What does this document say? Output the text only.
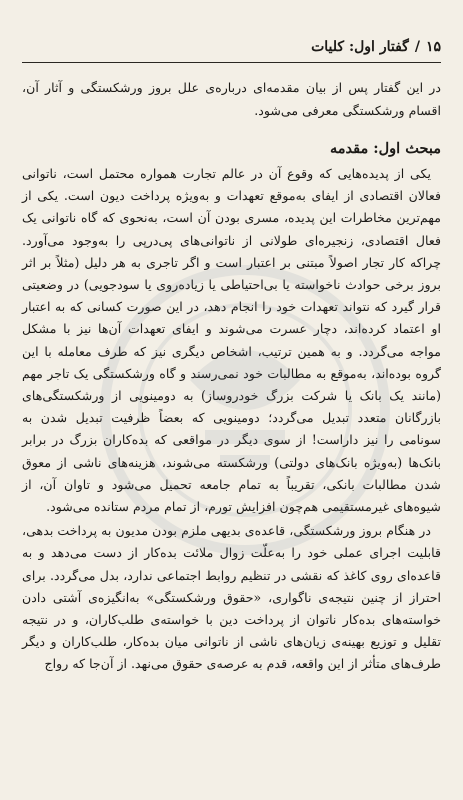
۱۵
/
گفتار اول: کلیات
در این گفتار پس از بیان مقدمه‌ای درباره‌ی علل بروز ورشکستگی و آثار آن، اقسام ورشکستگی معرفی می‌شود.
مبحث اول: مقدمه
یکی از پدیده‌هایی که وقوع آن در عالم تجارت همواره محتمل است، ناتوانی فعالان اقتصادی از ایفای به‌موقع تعهدات و به‌ویژه پرداخت دیون است. یکی از مهم‌ترین مخاطرات این پدیده، مسری بودن آن است، به‌نحوی که گاه ناتوانی یک فعال اقتصادی، زنجیره‌ای طولانی از ناتوانی‌های پی‌درپی را به‌وجود می‌آورد. چراکه کار تجار اصولاً مبتنی بر اعتبار است و اگر تاجری به هر دلیل (مثلاً بر اثر بروز برخی حوادث ناخواسته یا بی‌احتیاطی یا زیاده‌روی یا سودجویی) در وضعیتی قرار گیرد که نتواند تعهدات خود را انجام دهد، در این صورت کسانی که به اعتبار او اعتماد کرده‌اند، دچار عسرت می‌شوند و ایفای تعهدات آن‌ها نیز با مشکل مواجه می‌گردد. و به همین ترتیب، اشخاص دیگری نیز که طرف معامله با این گروه بوده‌اند، به‌موقع به مطالبات خود نمی‌رسند و گاه ورشکستگی یک تاجر مهم (مانند یک بانک یا شرکت بزرگ خودروساز) به دومینویی از ورشکستگی‌های بازرگانان متعدد تبدیل می‌گردد؛ دومینویی که بعضاً ظرفیت تبدیل شدن به سونامی را نیز داراست! از سوی دیگر در مواقعی که بده‌کاران بزرگ در برابر بانک‌ها (به‌ویژه بانک‌های دولتی) ورشکسته می‌شوند، هزینه‌های ناشی از معوق شدن مطالبات بانکی، تقریباً به تمام جامعه تحمیل می‌شود و تاوان آن، از شیوه‌های غیرمستقیمی هم‌چون افزایش تورم، از تمام مردم ستانده می‌شود.
در هنگام بروز ورشکستگی، قاعده‌ی بدیهی ملزم بودن مدیون به پرداخت بدهی، قابلیت اجرای عملی خود را به‌علّت زوال ملائت بده‌کار از دست می‌دهد و به قاعده‌ای روی کاغذ که نقشی در تنظیم روابط اجتماعی ندارد، بدل می‌گردد. برای احتراز از چنین نتیجه‌ی ناگواری، «حقوق ورشکستگی» به‌انگیزه‌ی آشتی دادن خواسته‌های بده‌کار ناتوان از پرداخت دین با خواسته‌ی طلب‌کاران، و در نتیجه تقلیل و توزیع بهینه‌ی زیان‌های ناشی از ناتوانی میان بده‌کار، طلب‌کاران و دیگر طرف‌های متأثر از این واقعه، قدم به عرصه‌ی حقوق می‌نهد. از آن‌جا که رواج
